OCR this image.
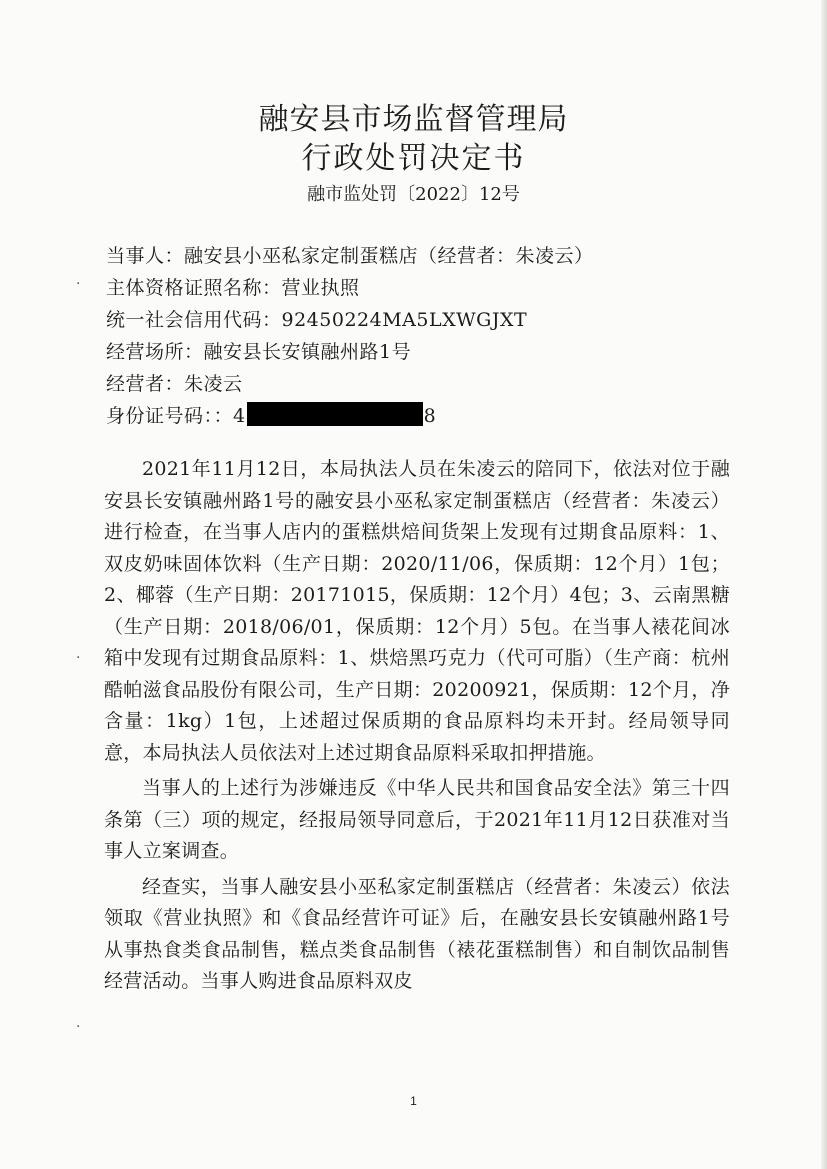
融安县市场监督管理局
行政处罚决定书
融市监处罚〔2022〕12号
当事人：融安县小巫私家定制蛋糕店（经营者：朱凌云）
主体资格证照名称：营业执照
统一社会信用代码：92450224MA5LXWGJXT
经营场所：融安县长安镇融州路1号
经营者：朱凌云
身份证号码：：4	8
·
·
·

2021年11月12日，本局执法人员在朱凌云的陪同下，依法对位于融安县长安镇融州路1号的融安县小巫私家定制蛋糕店（经营者：朱凌云）进行检查，在当事人店内的蛋糕烘焙间货架上发现有过期食品原料：1、双皮奶味固体饮料（生产日期：2020/11/06，保质期：12个月）1包；2、椰蓉（生产日期：20171015，保质期：12个月）4包；3、云南黑糖（生产日期：2018/06/01，保质期：12个月）5包。在当事人裱花间冰箱中发现有过期食品原料：1、烘焙黑巧克力（代可可脂）（生产商：杭州酷帕滋食品股份有限公司，生产日期：20200921，保质期：12个月，净含量：1kg）1包，上述超过保质期的食品原料均未开封。经局领导同意，本局执法人员依法对上述过期食品原料采取扣押措施。

当事人的上述行为涉嫌违反《中华人民共和国食品安全法》第三十四条第（三）项的规定，经报局领导同意后，于2021年11月12日获准对当事人立案调查。

经查实，当事人融安县小巫私家定制蛋糕店（经营者：朱凌云）依法领取《营业执照》和《食品经营许可证》后，在融安县长安镇融州路1号从事热食类食品制售，糕点类食品制售（裱花蛋糕制售）和自制饮品制售经营活动。当事人购进食品原料双皮

1
